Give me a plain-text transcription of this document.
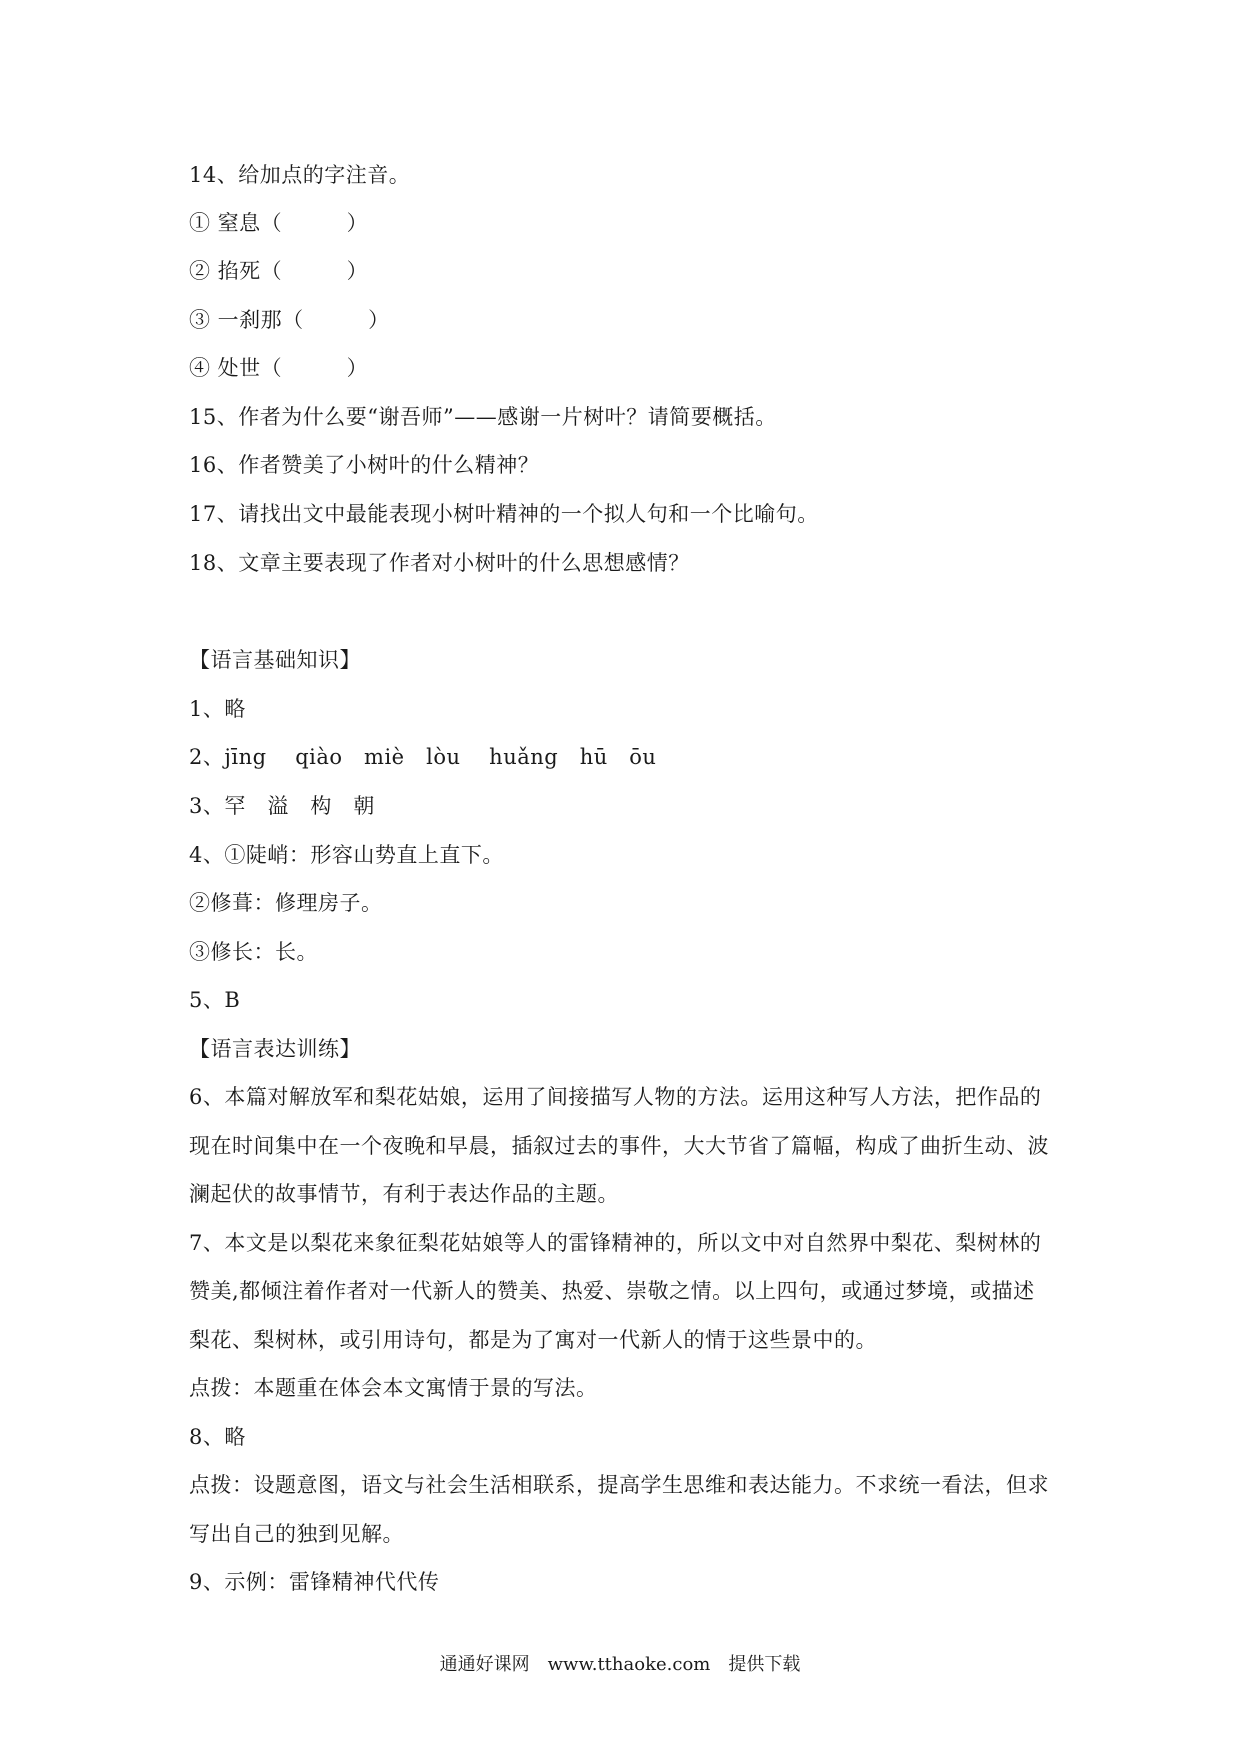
14、给加点的字注音。
① 窒息（　　　）
② 掐死（　　　）
③ 一刹那（　　　）
④ 处世（　　　）
15、作者为什么要“谢吾师”——感谢一片树叶？请简要概括。
16、作者赞美了小树叶的什么精神？
17、请找出文中最能表现小树叶精神的一个拟人句和一个比喻句。
18、文章主要表现了作者对小树叶的什么思想感情？
【语言基础知识】
1、略
2、jīng　 qiào　miè　lòu　 huǎng　hū　ōu
3、罕　溢　构　朝
4、①陡峭：形容山势直上直下。
②修葺：修理房子。
③修长：长。
5、B
【语言表达训练】
6、本篇对解放军和梨花姑娘，运用了间接描写人物的方法。运用这种写人方法，把作品的
现在时间集中在一个夜晚和早晨，插叙过去的事件，大大节省了篇幅，构成了曲折生动、波
澜起伏的故事情节，有利于表达作品的主题。
7、本文是以梨花来象征梨花姑娘等人的雷锋精神的，所以文中对自然界中梨花、梨树林的
赞美,都倾注着作者对一代新人的赞美、热爱、崇敬之情。以上四句，或通过梦境，或描述
梨花、梨树林，或引用诗句，都是为了寓对一代新人的情于这些景中的。
点拨：本题重在体会本文寓情于景的写法。
8、略
点拨：设题意图，语文与社会生活相联系，提高学生思维和表达能力。不求统一看法，但求
写出自己的独到见解。
9、示例：雷锋精神代代传
通通好课网　www.tthaoke.com　提供下载
